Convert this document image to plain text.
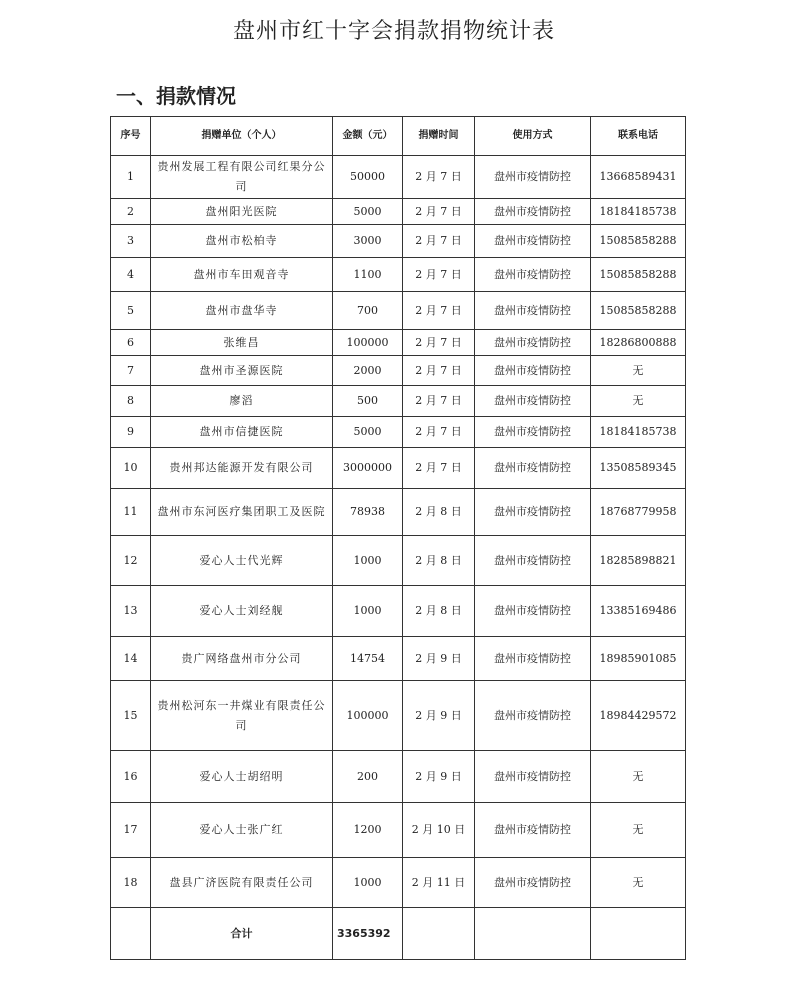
盘州市红十字会捐款捐物统计表
一、捐款情况
序号	捐赠单位（个人）	金额（元）	捐赠时间	使用方式	联系电话
1	贵州发展工程有限公司红果分公司	50000	2 月 7 日	盘州市疫情防控	13668589431
2	盘州阳光医院	5000	2 月 7 日	盘州市疫情防控	18184185738
3	盘州市松柏寺	3000	2 月 7 日	盘州市疫情防控	15085858288
4	盘州市车田观音寺	1100	2 月 7 日	盘州市疫情防控	15085858288
5	盘州市盘华寺	700	2 月 7 日	盘州市疫情防控	15085858288
6	张维昌	100000	2 月 7 日	盘州市疫情防控	18286800888
7	盘州市圣源医院	2000	2 月 7 日	盘州市疫情防控	无
8	廖滔	500	2 月 7 日	盘州市疫情防控	无
9	盘州市信捷医院	5000	2 月 7 日	盘州市疫情防控	18184185738
10	贵州邦达能源开发有限公司	3000000	2 月 7 日	盘州市疫情防控	13508589345
11	盘州市东河医疗集团职工及医院	78938	2 月 8 日	盘州市疫情防控	18768779958
12	爱心人士代光辉	1000	2 月 8 日	盘州市疫情防控	18285898821
13	爱心人士刘经舰	1000	2 月 8 日	盘州市疫情防控	13385169486
14	贵广网络盘州市分公司	14754	2 月 9 日	盘州市疫情防控	18985901085
15	贵州松河东一井煤业有限责任公司	100000	2 月 9 日	盘州市疫情防控	18984429572
16	爱心人士胡绍明	200	2 月 9 日	盘州市疫情防控	无
17	爱心人士张广红	1200	2 月 10 日	盘州市疫情防控	无
18	盘县广济医院有限责任公司	1000	2 月 11 日	盘州市疫情防控	无
	合计	3365392			
